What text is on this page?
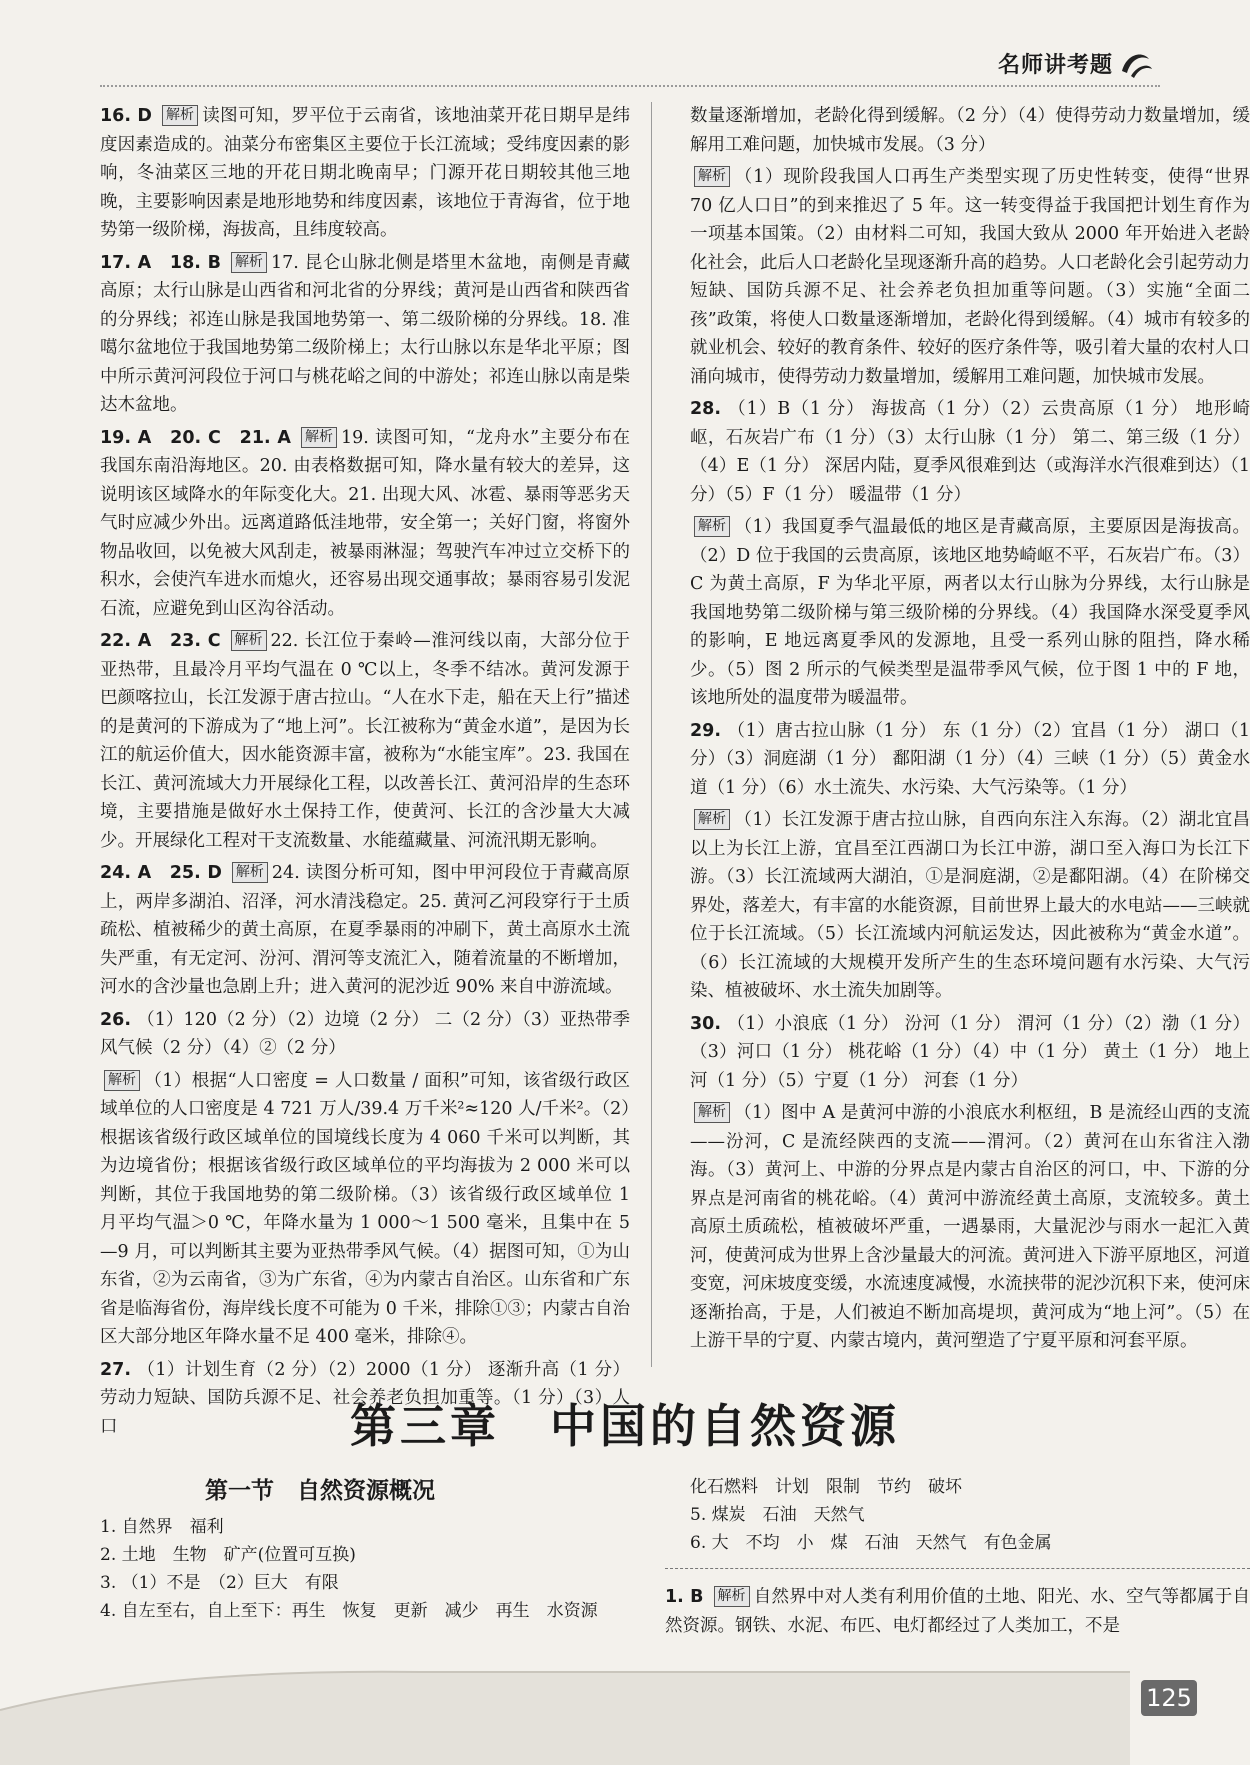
名师讲考题
16. D 解析 读图可知，罗平位于云南省，该地油菜开花日期早是纬度因素造成的。油菜分布密集区主要位于长江流域；受纬度因素的影响，冬油菜区三地的开花日期北晚南早；门源开花日期较其他三地晚，主要影响因素是地形地势和纬度因素，该地位于青海省，位于地势第一级阶梯，海拔高，且纬度较高。
17. A　18. B 解析 17. 昆仑山脉北侧是塔里木盆地，南侧是青藏高原；太行山脉是山西省和河北省的分界线；黄河是山西省和陕西省的分界线；祁连山脉是我国地势第一、第二级阶梯的分界线。18. 准噶尔盆地位于我国地势第二级阶梯上；太行山脉以东是华北平原；图中所示黄河河段位于河口与桃花峪之间的中游处；祁连山脉以南是柴达木盆地。
19. A　20. C　21. A 解析 19. 读图可知，“龙舟水”主要分布在我国东南沿海地区。20. 由表格数据可知，降水量有较大的差异，这说明该区域降水的年际变化大。21. 出现大风、冰雹、暴雨等恶劣天气时应减少外出。远离道路低洼地带，安全第一；关好门窗，将窗外物品收回，以免被大风刮走，被暴雨淋湿；驾驶汽车冲过立交桥下的积水，会使汽车进水而熄火，还容易出现交通事故；暴雨容易引发泥石流，应避免到山区沟谷活动。
22. A　23. C 解析 22. 长江位于秦岭—淮河线以南，大部分位于亚热带，且最冷月平均气温在 0 ℃以上，冬季不结冰。黄河发源于巴颜喀拉山，长江发源于唐古拉山。“人在水下走，船在天上行”描述的是黄河的下游成为了“地上河”。长江被称为“黄金水道”，是因为长江的航运价值大，因水能资源丰富，被称为“水能宝库”。23. 我国在长江、黄河流域大力开展绿化工程，以改善长江、黄河沿岸的生态环境，主要措施是做好水土保持工作，使黄河、长江的含沙量大大减少。开展绿化工程对干支流数量、水能蕴藏量、河流汛期无影响。
24. A　25. D 解析 24. 读图分析可知，图中甲河段位于青藏高原上，两岸多湖泊、沼泽，河水清浅稳定。25. 黄河乙河段穿行于土质疏松、植被稀少的黄土高原，在夏季暴雨的冲刷下，黄土高原水土流失严重，有无定河、汾河、渭河等支流汇入，随着流量的不断增加，河水的含沙量也急剧上升；进入黄河的泥沙近 90% 来自中游流域。
26. （1）120（2 分）（2）边境（2 分） 二（2 分）（3）亚热带季风气候（2 分）（4）②（2 分）
解析 （1）根据“人口密度 = 人口数量 / 面积”可知，该省级行政区域单位的人口密度是 4 721 万人/39.4 万千米²≈120 人/千米²。（2）根据该省级行政区域单位的国境线长度为 4 060 千米可以判断，其为边境省份；根据该省级行政区域单位的平均海拔为 2 000 米可以判断，其位于我国地势的第二级阶梯。（3）该省级行政区域单位 1 月平均气温＞0 ℃，年降水量为 1 000～1 500 毫米，且集中在 5—9 月，可以判断其主要为亚热带季风气候。（4）据图可知，①为山东省，②为云南省，③为广东省，④为内蒙古自治区。山东省和广东省是临海省份，海岸线长度不可能为 0 千米，排除①③；内蒙古自治区大部分地区年降水量不足 400 毫米，排除④。
27. （1）计划生育（2 分）（2）2000（1 分） 逐渐升高（1 分） 劳动力短缺、国防兵源不足、社会养老负担加重等。（1 分）（3）人口
数量逐渐增加，老龄化得到缓解。（2 分）（4）使得劳动力数量增加，缓解用工难问题，加快城市发展。（3 分）
解析 （1）现阶段我国人口再生产类型实现了历史性转变，使得“世界 70 亿人口日”的到来推迟了 5 年。这一转变得益于我国把计划生育作为一项基本国策。（2）由材料二可知，我国大致从 2000 年开始进入老龄化社会，此后人口老龄化呈现逐渐升高的趋势。人口老龄化会引起劳动力短缺、国防兵源不足、社会养老负担加重等问题。（3）实施“全面二孩”政策，将使人口数量逐渐增加，老龄化得到缓解。（4）城市有较多的就业机会、较好的教育条件、较好的医疗条件等，吸引着大量的农村人口涌向城市，使得劳动力数量增加，缓解用工难问题，加快城市发展。
28. （1）B（1 分） 海拔高（1 分）（2）云贵高原（1 分） 地形崎岖，石灰岩广布（1 分）（3）太行山脉（1 分） 第二、第三级（1 分）（4）E（1 分） 深居内陆，夏季风很难到达（或海洋水汽很难到达）（1 分）（5）F（1 分） 暖温带（1 分）
解析 （1）我国夏季气温最低的地区是青藏高原，主要原因是海拔高。（2）D 位于我国的云贵高原，该地区地势崎岖不平，石灰岩广布。（3）C 为黄土高原，F 为华北平原，两者以太行山脉为分界线，太行山脉是我国地势第二级阶梯与第三级阶梯的分界线。（4）我国降水深受夏季风的影响，E 地远离夏季风的发源地，且受一系列山脉的阻挡，降水稀少。（5）图 2 所示的气候类型是温带季风气候，位于图 1 中的 F 地，该地所处的温度带为暖温带。
29. （1）唐古拉山脉（1 分） 东（1 分）（2）宜昌（1 分） 湖口（1 分）（3）洞庭湖（1 分） 鄱阳湖（1 分）（4）三峡（1 分）（5）黄金水道（1 分）（6）水土流失、水污染、大气污染等。（1 分）
解析 （1）长江发源于唐古拉山脉，自西向东注入东海。（2）湖北宜昌以上为长江上游，宜昌至江西湖口为长江中游，湖口至入海口为长江下游。（3）长江流域两大湖泊，①是洞庭湖，②是鄱阳湖。（4）在阶梯交界处，落差大，有丰富的水能资源，目前世界上最大的水电站——三峡就位于长江流域。（5）长江流域内河航运发达，因此被称为“黄金水道”。（6）长江流域的大规模开发所产生的生态环境问题有水污染、大气污染、植被破坏、水土流失加剧等。
30. （1）小浪底（1 分） 汾河（1 分） 渭河（1 分）（2）渤（1 分）（3）河口（1 分） 桃花峪（1 分）（4）中（1 分） 黄土（1 分） 地上河（1 分）（5）宁夏（1 分） 河套（1 分）
解析 （1）图中 A 是黄河中游的小浪底水利枢纽，B 是流经山西的支流——汾河，C 是流经陕西的支流——渭河。（2）黄河在山东省注入渤海。（3）黄河上、中游的分界点是内蒙古自治区的河口，中、下游的分界点是河南省的桃花峪。（4）黄河中游流经黄土高原，支流较多。黄土高原土质疏松，植被破坏严重，一遇暴雨，大量泥沙与雨水一起汇入黄河，使黄河成为世界上含沙量最大的河流。黄河进入下游平原地区，河道变宽，河床坡度变缓，水流速度减慢，水流挟带的泥沙沉积下来，使河床逐渐抬高，于是，人们被迫不断加高堤坝，黄河成为“地上河”。（5）在上游干旱的宁夏、内蒙古境内，黄河塑造了宁夏平原和河套平原。
第三章　中国的自然资源
第一节　自然资源概况
1. 自然界　福利
2. 土地　生物　矿产(位置可互换)
3. （1）不是　（2）巨大　有限
4. 自左至右，自上至下：再生　恢复　更新　减少　再生　水资源
化石燃料　计划　限制　节约　破坏
5. 煤炭　石油　天然气
6. 大　不均　小　煤　石油　天然气　有色金属
1. B 解析 自然界中对人类有利用价值的土地、阳光、水、空气等都属于自然资源。钢铁、水泥、布匹、电灯都经过了人类加工，不是
125
